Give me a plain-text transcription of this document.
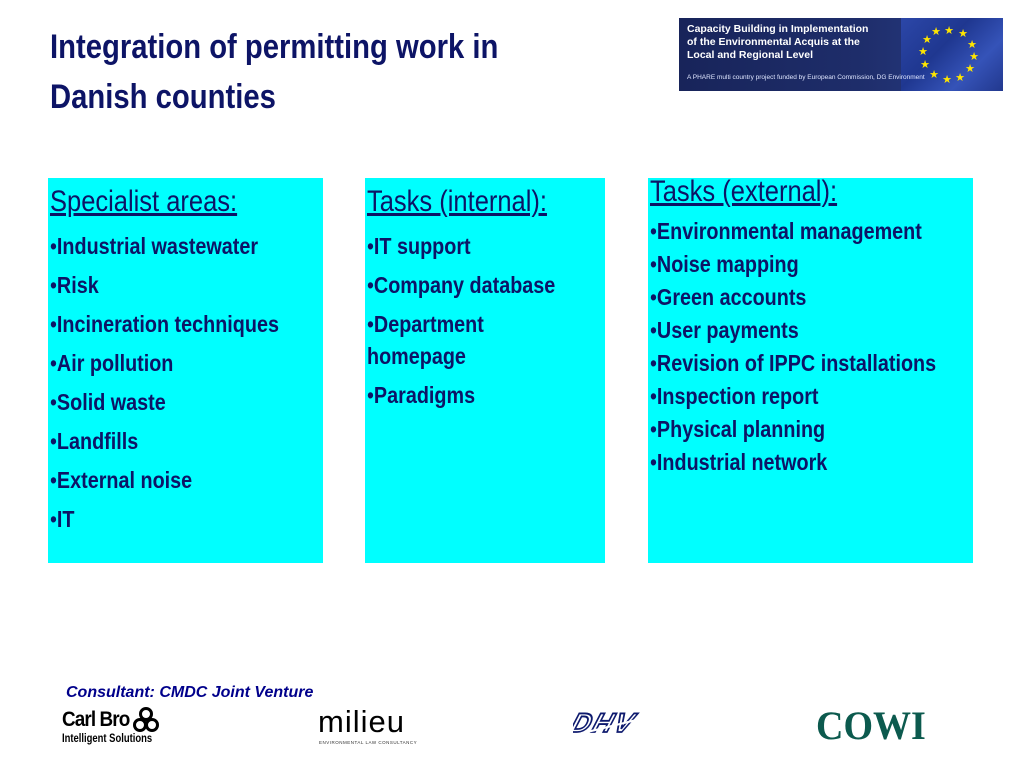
Integration of permitting work in Danish counties
★ ★
★
★
★
★
★
★
★
★
★
★
Capacity Building in Implementation
of the Environmental Acquis at the
Local and Regional Level
A PHARE multi country project funded by European Commission, DG Environment
Specialist areas:
•Industrial wastewater
•Risk
•Incineration techniques
•Air pollution
•Solid waste
•Landfills
•External noise
•IT
Tasks (internal):
•IT support
•Company database
•Department
homepage
•Paradigms
Tasks (external):
•Environmental management
•Noise mapping
•Green accounts
•User payments
•Revision of IPPC installations
•Inspection report
•Physical planning
•Industrial network
Consultant: CMDC Joint Venture
Carl Bro
Intelligent Solutions	milieu
ENVIRONMENTAL LAW CONSULTANCY
DHV	COWI
